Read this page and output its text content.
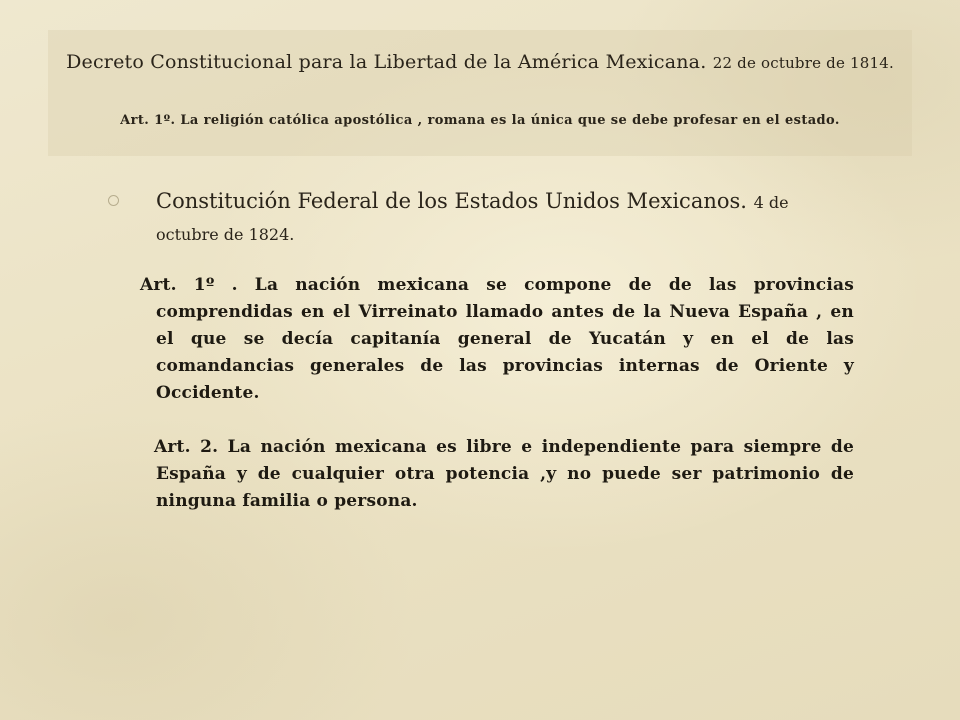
Decreto Constitucional para la Libertad de la América Mexicana. 22 de octubre de 1814.
Art. 1º. La religión católica apostólica , romana es la única que se debe profesar en el estado.
Constitución Federal de los Estados Unidos Mexicanos. 4 de octubre de 1824.

Art. 1º . La nación mexicana se compone de de las provincias comprendidas en el Virreinato llamado antes de la Nueva España , en el que se decía capitanía general de Yucatán y en el de las comandancias generales de las provincias internas de Oriente y Occidente.

Art. 2. La nación mexicana es libre e independiente para siempre de España y de cualquier otra potencia ,y no puede ser patrimonio de ninguna familia o persona.
